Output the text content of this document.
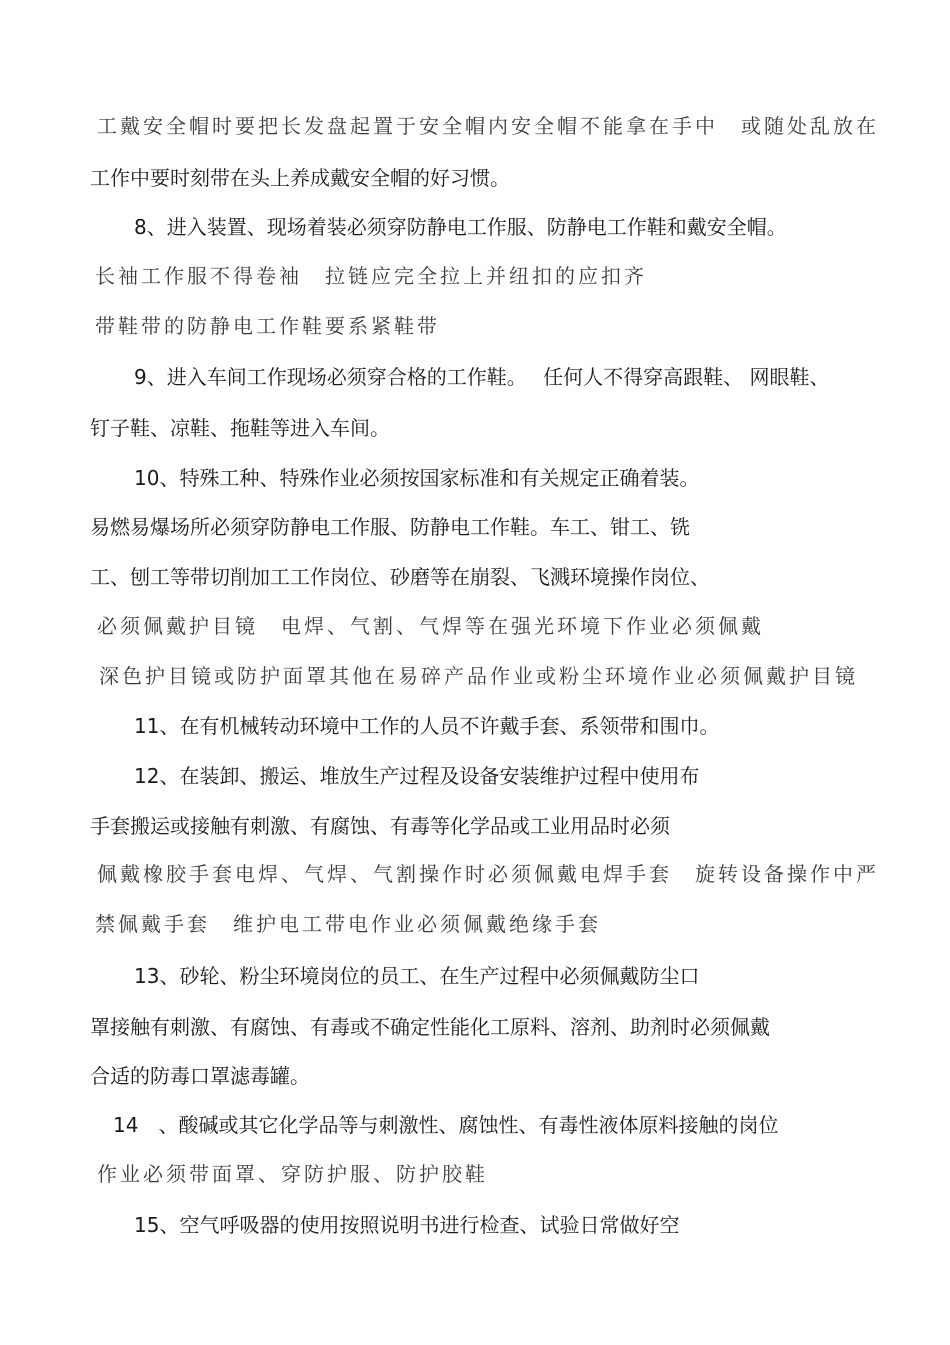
工戴安全帽时要把长发盘起置于安全帽内安全帽不能拿在手中　或随处乱放在
工作中要时刻带在头上养成戴安全帽的好习惯。
8、进入装置、现场着装必须穿防静电工作服、防静电工作鞋和戴安全帽。
长袖工作服不得卷袖　拉链应完全拉上并纽扣的应扣齐
带鞋带的防静电工作鞋要系紧鞋带
9、进入车间工作现场必须穿合格的工作鞋。　 任何人不得穿高跟鞋、 网眼鞋、
钉子鞋、凉鞋、拖鞋等进入车间。
10、特殊工种、特殊作业必须按国家标准和有关规定正确着装。
易燃易爆场所必须穿防静电工作服、防静电工作鞋。车工、钳工、铣
工、刨工等带切削加工工作岗位、砂磨等在崩裂、飞溅环境操作岗位、
必须佩戴护目镜　电焊、气割、气焊等在强光环境下作业必须佩戴
深色护目镜或防护面罩其他在易碎产品作业或粉尘环境作业必须佩戴护目镜
11、在有机械转动环境中工作的人员不许戴手套、系领带和围巾。
12、在装卸、搬运、堆放生产过程及设备安装维护过程中使用布
手套搬运或接触有刺激、有腐蚀、有毒等化学品或工业用品时必须
佩戴橡胶手套电焊、气焊、气割操作时必须佩戴电焊手套　旋转设备操作中严
禁佩戴手套　维护电工带电作业必须佩戴绝缘手套
13、砂轮、粉尘环境岗位的员工、在生产过程中必须佩戴防尘口
罩接触有刺激、有腐蚀、有毒或不确定性能化工原料、溶剂、助剂时必须佩戴
合适的防毒口罩滤毒罐。
14　、酸碱或其它化学品等与刺激性、腐蚀性、有毒性液体原料接触的岗位
作业必须带面罩、穿防护服、防护胶鞋
15、空气呼吸器的使用按照说明书进行检查、试验日常做好空
